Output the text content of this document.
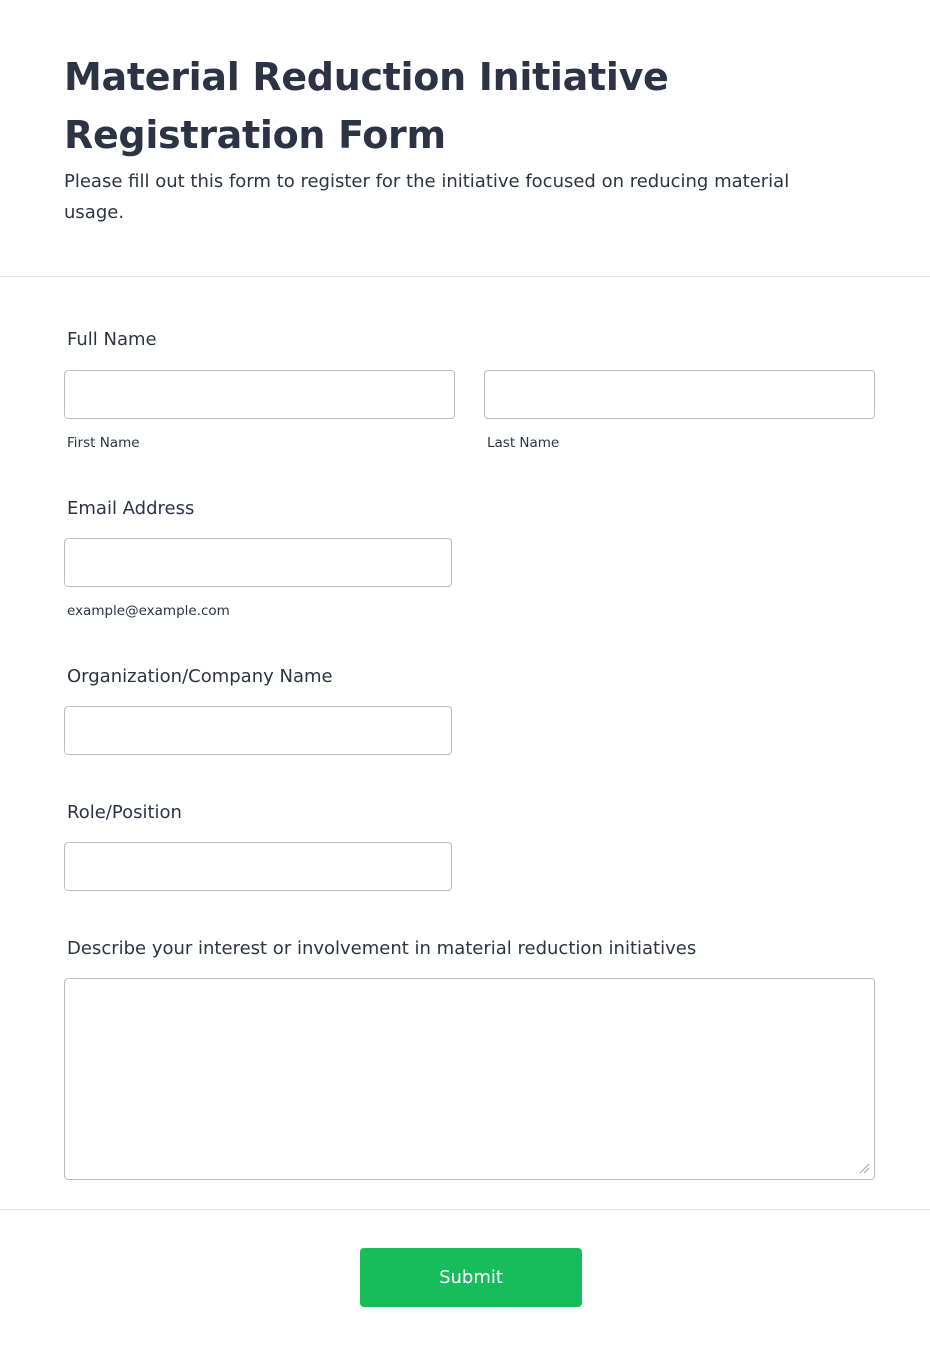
Material Reduction Initiative Registration Form

Please fill out this form to register for the initiative focused on reducing material usage.

Full Name
First Name	Last Name
Email Address
example@example.com
Organization/Company Name
Role/Position
Describe your interest or involvement in material reduction initiatives
Submit
